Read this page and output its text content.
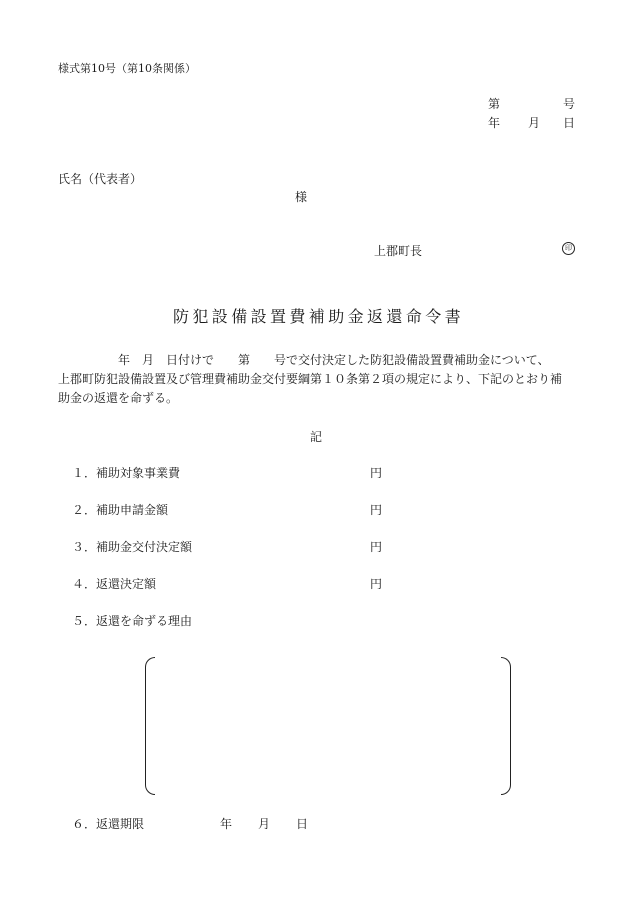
様式第10号（第10条関係）
第	号
年 月 日
氏名（代表者）
様
上郡町長	印
防犯設備設置費補助金返還命令書
　　　　　年　月　日付けで　　第　　号で交付決定した防犯設備設置費補助金について、
上郡町防犯設備設置及び管理費補助金交付要綱第１０条第２項の規定により、下記のとおり補
助金の返還を命ずる。
記
１．補助対象事業費	円
２．補助申請金額	円
３．補助金交付決定額	円
４．返還決定額	円
５．返還を命ずる理由
６．返還期限	年 月 日
